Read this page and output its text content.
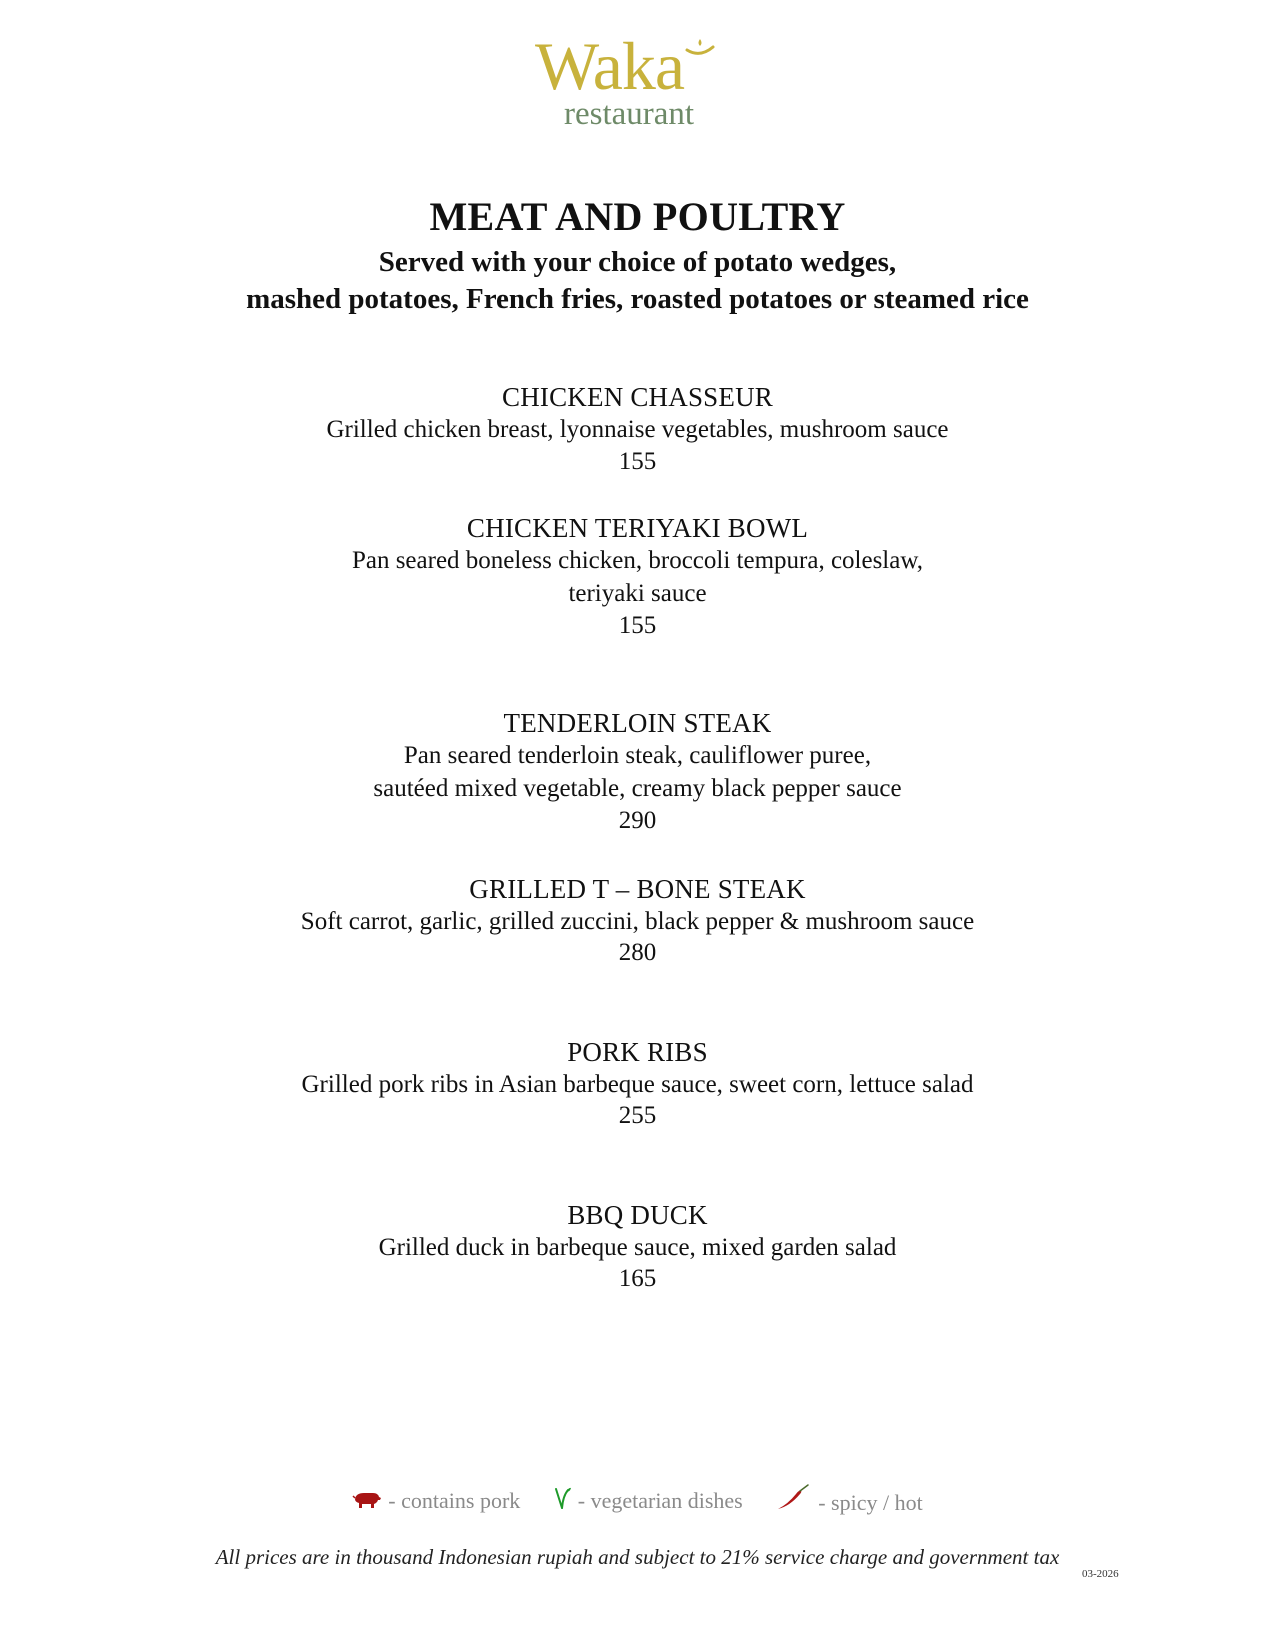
Waka
restaurant
MEAT AND POULTRY
Served with your choice of potato wedges,
mashed potatoes, French fries, roasted potatoes or steamed rice
CHICKEN CHASSEUR
Grilled chicken breast, lyonnaise vegetables, mushroom sauce
155
CHICKEN TERIYAKI BOWL
Pan seared boneless chicken, broccoli tempura, coleslaw,
teriyaki sauce
155
TENDERLOIN STEAK
Pan seared tenderloin steak, cauliflower puree,
sautéed mixed vegetable, creamy black pepper sauce
290
GRILLED T – BONE STEAK
Soft carrot, garlic, grilled zuccini, black pepper & mushroom sauce
280
PORK RIBS
Grilled pork ribs in Asian barbeque sauce, sweet corn, lettuce salad
255
BBQ DUCK
Grilled duck in barbeque sauce, mixed garden salad
165
- contains pork	- vegetarian dishes	- spicy / hot
All prices are in thousand Indonesian rupiah and subject to 21% service charge and government tax
03-2026
